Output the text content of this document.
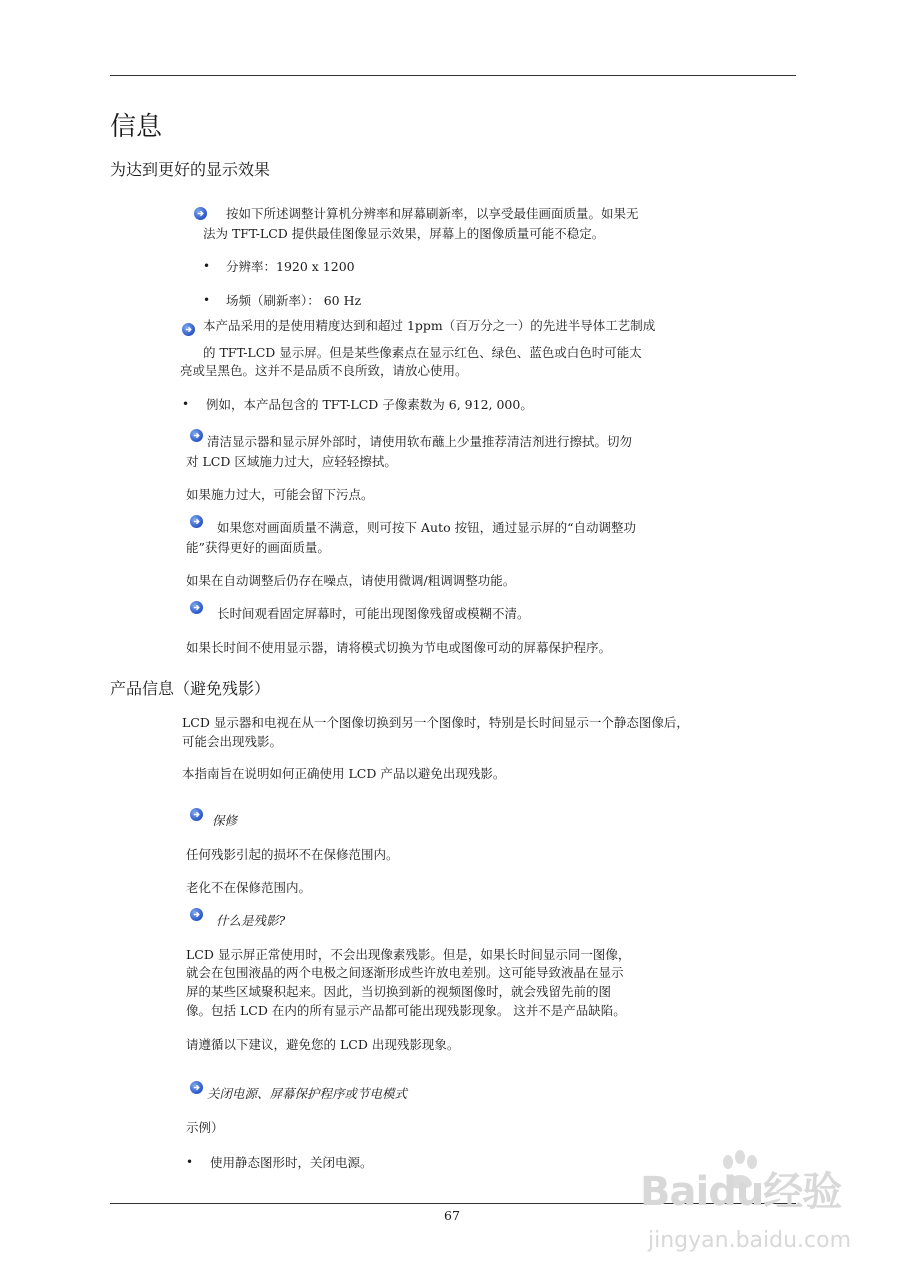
信息
为达到更好的显示效果
按如下所述调整计算机分辨率和屏幕刷新率，以享受最佳画面质量。如果无
法为 TFT-LCD 提供最佳图像显示效果，屏幕上的图像质量可能不稳定。
• 分辨率：1920 x 1200
• 场频（刷新率）： 60 Hz
本产品采用的是使用精度达到和超过 1ppm（百万分之一）的先进半导体工艺制成
的 TFT-LCD 显示屏。但是某些像素点在显示红色、绿色、蓝色或白色时可能太
亮或呈黑色。这并不是品质不良所致，请放心使用。
• 例如，本产品包含的 TFT-LCD 子像素数为 6, 912, 000。
清洁显示器和显示屏外部时，请使用软布蘸上少量推荐清洁剂进行擦拭。切勿
对 LCD 区域施力过大，应轻轻擦拭。
如果施力过大，可能会留下污点。
如果您对画面质量不满意，则可按下 Auto 按钮，通过显示屏的“自动调整功
能”获得更好的画面质量。
如果在自动调整后仍存在噪点，请使用微调/粗调调整功能。
长时间观看固定屏幕时，可能出现图像残留或模糊不清。
如果长时间不使用显示器，请将模式切换为节电或图像可动的屏幕保护程序。
产品信息（避免残影）
LCD 显示器和电视在从一个图像切换到另一个图像时，特别是长时间显示一个静态图像后，
可能会出现残影。
本指南旨在说明如何正确使用 LCD 产品以避免出现残影。
保修
任何残影引起的损坏不在保修范围内。
老化不在保修范围内。
什么是残影?
LCD 显示屏正常使用时，不会出现像素残影。但是，如果长时间显示同一图像，
就会在包围液晶的两个电极之间逐渐形成些许放电差别。这可能导致液晶在显示
屏的某些区域聚积起来。因此，当切换到新的视频图像时，就会残留先前的图
像。包括 LCD 在内的所有显示产品都可能出现残影现象。 这并不是产品缺陷。
请遵循以下建议，避免您的 LCD 出现残影现象。
关闭电源、屏幕保护程序或节电模式
示例）
• 使用静态图形时，关闭电源。
67
Baidu经验
jingyan.baidu.com
